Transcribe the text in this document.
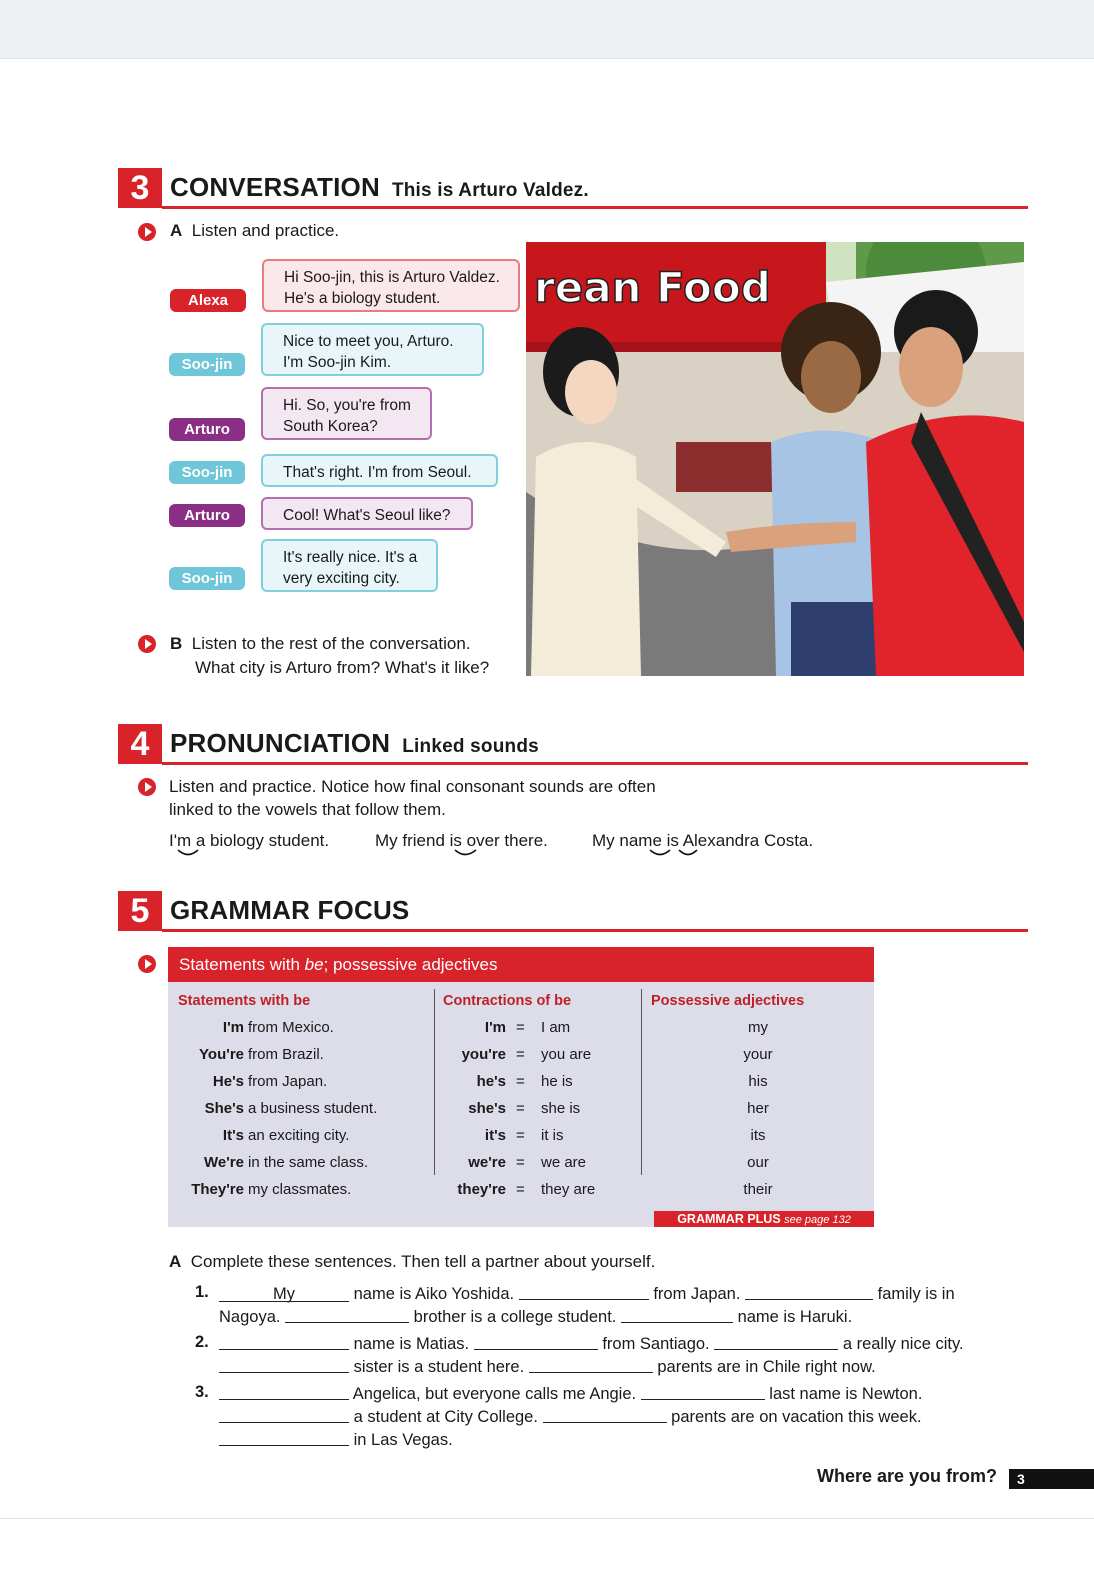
3 CONVERSATION This is Arturo Valdez.
A Listen and practice.
Hi Soo-jin, this is Arturo Valdez.
He's a biology student.
Alexa
Nice to meet you, Arturo.
I'm Soo-jin Kim.
Soo-jin
Hi. So, you're from
South Korea?
Arturo
That's right. I'm from Seoul.
Soo-jin
Cool! What's Seoul like?
Arturo
It's really nice. It's a
very exciting city.
Soo-jin
B Listen to the rest of the conversation.
What city is Arturo from? What's it like?
rean Food
4 PRONUNCIATION Linked sounds
Listen and practice. Notice how final consonant sounds are often
linked to the vowels that follow them.
I'm a biology student.	My friend is over there.	My name is Alexandra Costa.
5 GRAMMAR FOCUS
Statements with be; possessive adjectives
Statements with be	Contractions of be	Possessive adjectives
I'm from Mexico.	I'm = I am	my
You're from Brazil.	you're = you are	your
He's from Japan.	he's = he is	his
She's a business student.	she's = she is	her
It's an exciting city.	it's = it is	its
We're in the same class.	we're = we are	our
They're my classmates.	they're = they are	their
GRAMMAR PLUS see page 132
A Complete these sentences. Then tell a partner about yourself.
1.	My	name is Aiko Yoshida.	from Japan.	family is in
Nagoya.	brother is a college student.	name is Haruki.
2.	name is Matias.	from Santiago.	a really nice city.
sister is a student here.	parents are in Chile right now.
3.	Angelica, but everyone calls me Angie.	last name is Newton.
a student at City College.	parents are on vacation this week.
in Las Vegas.
Where are you from?	3
